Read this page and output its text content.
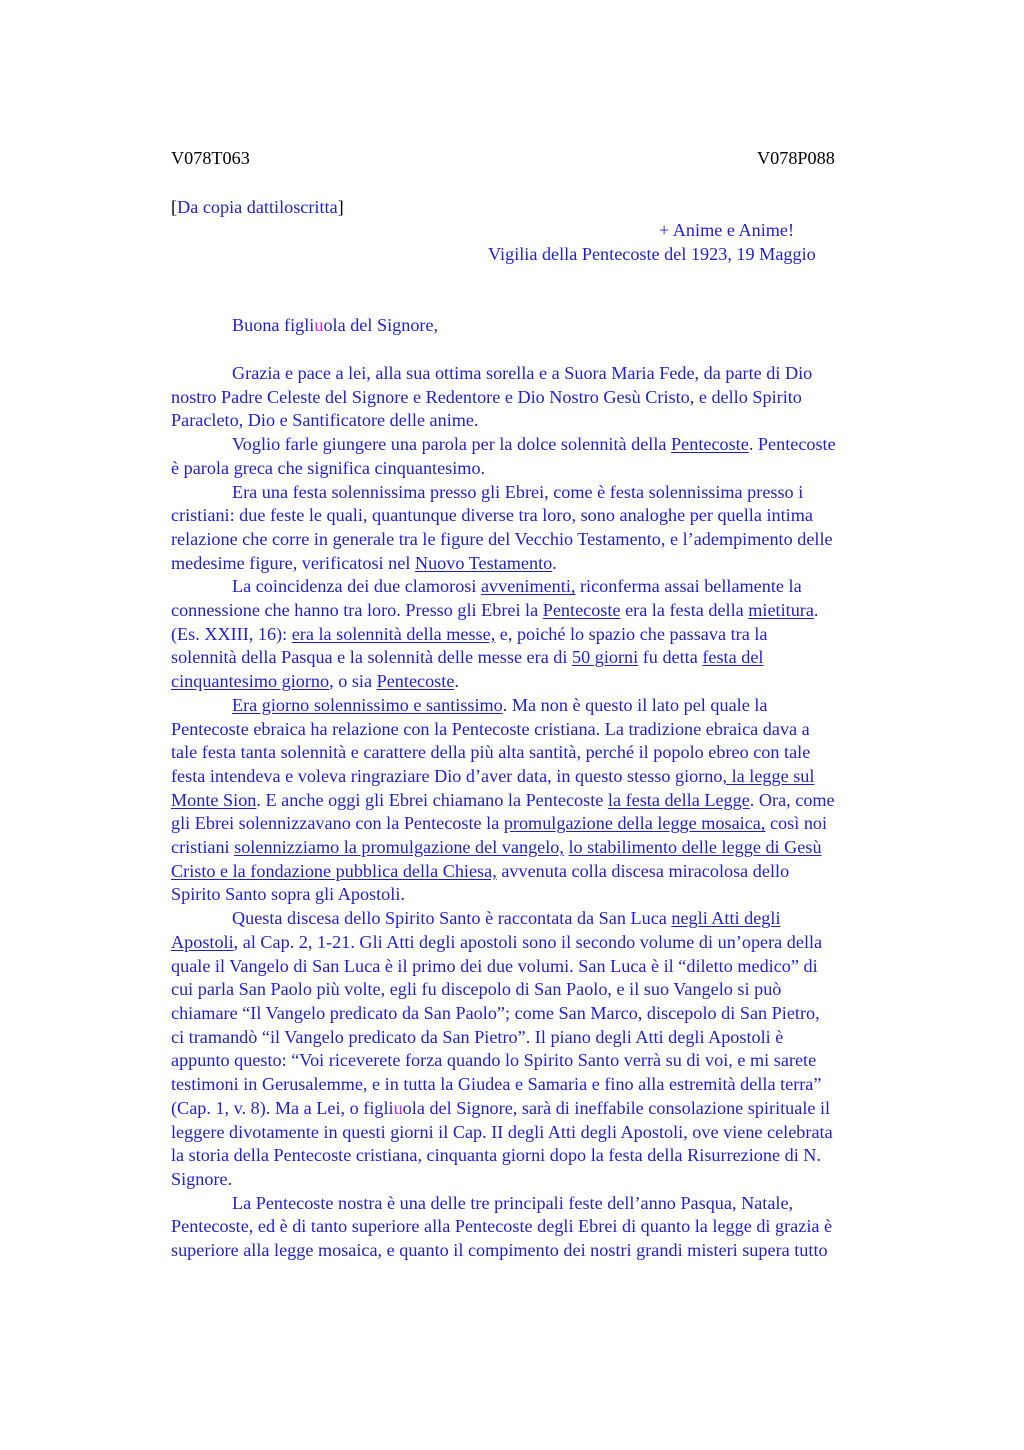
V078T063	V078P088
[Da copia dattiloscritta]
+ Anime e Anime!
Vigilia della Pentecoste del 1923, 19 Maggio
Buona figliuola del Signore,
Grazia e pace a lei, alla sua ottima sorella e a Suora Maria Fede, da parte di Dio
nostro Padre Celeste del Signore e Redentore e Dio Nostro Gesù Cristo, e dello Spirito
Paracleto, Dio e Santificatore delle anime.
Voglio farle giungere una parola per la dolce solennità della Pentecoste. Pentecoste
è parola greca che significa cinquantesimo.
Era una festa solennissima presso gli Ebrei, come è festa solennissima presso i
cristiani: due feste le quali, quantunque diverse tra loro, sono analoghe per quella intima
relazione che corre in generale tra le figure del Vecchio Testamento, e l’adempimento delle
medesime figure, verificatosi nel Nuovo Testamento.
La coincidenza dei due clamorosi avvenimenti, riconferma assai bellamente la
connessione che hanno tra loro. Presso gli Ebrei la Pentecoste era la festa della mietitura.
(Es. XXIII, 16): era la solennità della messe, e, poiché lo spazio che passava tra la
solennità della Pasqua e la solennità delle messe era di 50 giorni fu detta festa del
cinquantesimo giorno, o sia Pentecoste.
Era giorno solennissimo e santissimo. Ma non è questo il lato pel quale la
Pentecoste ebraica ha relazione con la Pentecoste cristiana. La tradizione ebraica dava a
tale festa tanta solennità e carattere della più alta santità, perché il popolo ebreo con tale
festa intendeva e voleva ringraziare Dio d’aver data, in questo stesso giorno, la legge sul
Monte Sion. E anche oggi gli Ebrei chiamano la Pentecoste la festa della Legge. Ora, come
gli Ebrei solennizzavano con la Pentecoste la promulgazione della legge mosaica, così noi
cristiani solennizziamo la promulgazione del vangelo, lo stabilimento delle legge di Gesù
Cristo e la fondazione pubblica della Chiesa, avvenuta colla discesa miracolosa dello
Spirito Santo sopra gli Apostoli.
Questa discesa dello Spirito Santo è raccontata da San Luca negli Atti degli
Apostoli, al Cap. 2, 1-21. Gli Atti degli apostoli sono il secondo volume di un’opera della
quale il Vangelo di San Luca è il primo dei due volumi. San Luca è il “diletto medico” di
cui parla San Paolo più volte, egli fu discepolo di San Paolo, e il suo Vangelo si può
chiamare “Il Vangelo predicato da San Paolo”; come San Marco, discepolo di San Pietro,
ci tramandò “il Vangelo predicato da San Pietro”. Il piano degli Atti degli Apostoli è
appunto questo: “Voi riceverete forza quando lo Spirito Santo verrà su di voi, e mi sarete
testimoni in Gerusalemme, e in tutta la Giudea e Samaria e fino alla estremità della terra”
(Cap. 1, v. 8). Ma a Lei, o figliuola del Signore, sarà di ineffabile consolazione spirituale il
leggere divotamente in questi giorni il Cap. II degli Atti degli Apostoli, ove viene celebrata
la storia della Pentecoste cristiana, cinquanta giorni dopo la festa della Risurrezione di N.
Signore.
La Pentecoste nostra è una delle tre principali feste dell’anno Pasqua, Natale,
Pentecoste, ed è di tanto superiore alla Pentecoste degli Ebrei di quanto la legge di grazia è
superiore alla legge mosaica, e quanto il compimento dei nostri grandi misteri supera tutto
